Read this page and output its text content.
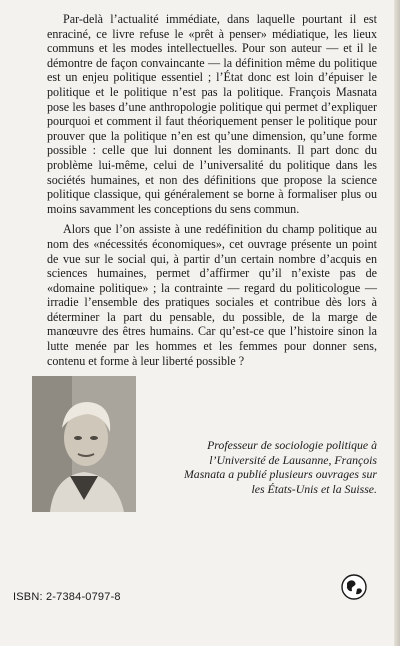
Par-delà l’actualité immédiate, dans laquelle pourtant il est enraciné, ce livre refuse le «prêt à penser» médiatique, les lieux communs et les modes intellectuelles. Pour son auteur — et il le démontre de façon convaincante — la définition même du politique est un enjeu politique essentiel ; l’État donc est loin d’épuiser le politique et le politique n’est pas la politique. François Masnata pose les bases d’une anthropologie politique qui permet d’expliquer pourquoi et comment il faut théoriquement penser le politique pour prouver que la politique n’en est qu’une dimension, qu’une forme possible : celle que lui donnent les dominants. Il part donc du problème lui-même, celui de l’universalité du politique dans les sociétés humaines, et non des définitions que propose la science politique classique, qui généralement se borne à formaliser plus ou moins savamment les conceptions du sens commun.

Alors que l’on assiste à une redéfinition du champ politique au nom des «nécessités économiques», cet ouvrage présente un point de vue sur le social qui, à partir d’un certain nombre d’acquis en sciences humaines, permet d’affirmer qu’il n’existe pas de «domaine politique» ; la contrainte — regard du politicologue — irradie l’ensemble des pratiques sociales et contribue dès lors à déterminer la part du pensable, du possible, de la marge de manœuvre des êtres humains. Car qu’est-ce que l’histoire sinon la lutte menée par les hommes et les femmes pour donner sens, contenu et forme à leur liberté possible ?

Professeur de sociologie politique à l’Université de Lausanne, François Masnata a publié plusieurs ouvrages sur les États-Unis et la Suisse.
ISBN: 2-7384-0797-8
